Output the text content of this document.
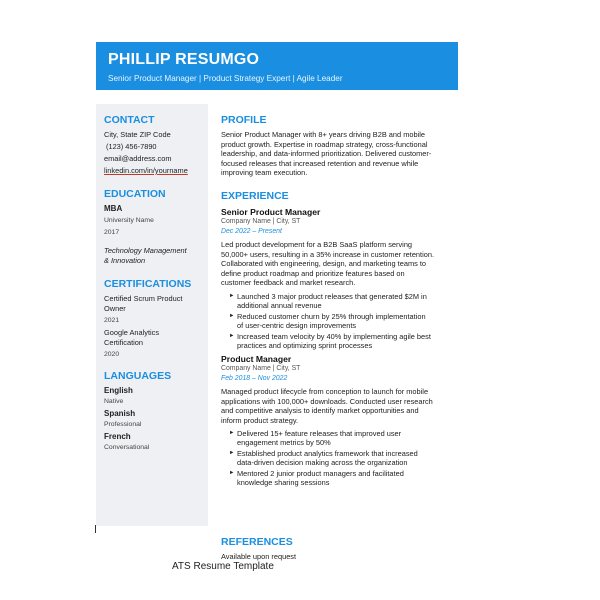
PHILLIP RESUMGO
Senior Product Manager | Product Strategy Expert | Agile Leader
CONTACT
City, State ZIP Code
(123) 456-7890
email@address.com
linkedin.com/in/yourname
EDUCATION
MBA
University Name
2017
Technology Management
& Innovation
CERTIFICATIONS
Certified Scrum Product
Owner
2021
Google Analytics
Certification
2020
LANGUAGES
English
Native
Spanish
Professional
French
Conversational
PROFILE
Senior Product Manager with 8+ years driving B2B and mobile
product growth. Expertise in roadmap strategy, cross-functional
leadership, and data-informed prioritization. Delivered customer-
focused releases that increased retention and revenue while
improving team execution.
EXPERIENCE
Senior Product Manager
Company Name | City, ST
Dec 2022 – Present
Led product development for a B2B SaaS platform serving
50,000+ users, resulting in a 35% increase in customer retention.
Collaborated with engineering, design, and marketing teams to
define product roadmap and prioritize features based on
customer feedback and market research.
► Launched 3 major product releases that generated $2M in
additional annual revenue
► Reduced customer churn by 25% through implementation
of user-centric design improvements
► Increased team velocity by 40% by implementing agile best
practices and optimizing sprint processes
Product Manager
Company Name | City, ST
Feb 2018 – Nov 2022
Managed product lifecycle from conception to launch for mobile
applications with 100,000+ downloads. Conducted user research
and competitive analysis to identify market opportunities and
inform product strategy.
► Delivered 15+ feature releases that improved user
engagement metrics by 50%
► Established product analytics framework that increased
data-driven decision making across the organization
► Mentored 2 junior product managers and facilitated
knowledge sharing sessions
REFERENCES
Available upon request
ATS Resume Template
